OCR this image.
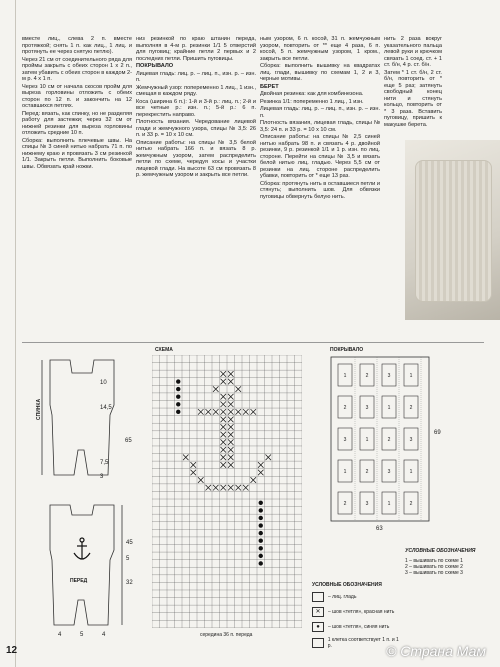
вместе лиц., слева 2 п. вместе протяжкой; снять 1 п. как лиц., 1 лиц. и протянуть ее через снятую петлю).

Через 21 см от соединительного ряда для проймы закрыть с обеих сторон 1 х 2 п., затем убавить с обеих сторон в каждом 2-м р. 4 х 1 п.

Через 10 см от начала скосов пройм для выреза горловины отложить с обеих сторон по 12 п. и закончить на 12 оставшихся петлях.

Перед: вязать, как спинку, но не разделяя работу для застежки; через 32 см от нижней резинки для выреза горловины отложить средние 10 п.

Сборка: выполнить плечевые швы. На спицы № 3 синей нитью набрать 71 п. по нижнему краю и провязать 3 см резинкой 1/1. Закрыть петли. Выполнить боковые швы. Обвязать край ножки.

низ резинкой по краю штанин переда, выполняя в 4-м р. резинки 1/1 5 отверстий для пуговиц; крайние петли 2 первых и 2 последних петли. Пришить пуговицы.

ПОКРЫВАЛО

Лицевая гладь: лиц. р. – лиц. п., изн. р. – изн. п.

Жемчужный узор: попеременно 1 лиц., 1 изн., смещая в каждом ряду.

Коса (ширина 6 п.): 1-й и 3-й р.: лиц. п.; 2-й и все четные р.: изн. п.; 5-й р.: 6 п. перекрестить направо.

Плотность вязания. Чередование лицевой глади и жемчужного узора, спицы № 3,5: 26 п. и 33 р. = 10 х 10 см.

Описание работы: на спицы № 3,5 белой нитью набрать 166 п. и вязать 8 р. жемчужным узором, затем распределить петли по схеме, чередуя косы и участки лицевой глади. На высоте 63 см провязать 8 р. жемчужным узором и закрыть все петли.

ным узором, 6 п. косой, 31 п. жемчужным узором, повторить от ** еще 4 раза, 6 п. косой, 5 п. жемчужным узором, 1 кром., закрыть все петли.

Сборка: выполнить вышивку на квадратах лиц. глади, вышивку по схемам 1, 2 и 3, черные мотивы.

БЕРЕТ

Двойная резинка: как для комбинезона.

Резинка 1/1: попеременно 1 лиц., 1 изн.

Лицевая гладь: лиц. р. – лиц. п., изн. р. – изн. п.

Плотность вязания, лицевая гладь, спицы № 3,5: 24 п. и 33 р. = 10 х 10 см.

Описание работы: на спицы № 2,5 синей нитью набрать 98 п. и связать 4 р. двойной резинки, 9 р. резинкой 1/1 и 1 р. изн. по лиц. стороне. Перейти на спицы № 3,5 и вязать белой нитью лиц. гладью. Через 5,5 см от резинки на лиц. стороне распределить убавки, повторить от * еще 13 раз.

Сборка: протянуть нить в оставшиеся петли и стянуть; выполнить шов. Для обвязки пуговицы обвернуть белую нить.

нить 2 раза вокруг указательного пальца левой руки и крючком связать 1 соед. ст. + 1 ст. б/н, 4 р. ст. б/н.

Затем * 1 ст. б/н, 2 ст. б/н, повторить от * еще 5 раз; затянуть свободный конец нити и стянуть кольцо, повторить от * 3 раза. Вставить пуговицу, пришить к макушке берета.

СПИНКА
ПЕРЕД
10
14,5
65
7,5
3
45
5
32
4	5	4
СХЕМА
середина 36 п. переда
ПОКРЫВАЛО
1	2	3	1
2	3	1	2
3	1	2	3
1	2	3	1
2	3	1	2
69
63
УСЛОВНЫЕ ОБОЗНАЧЕНИЯ
– лиц. гладь
✕	– шов «тетля», красная нить
●	– шов «тетля», синяя нить
1 клетка соответствует 1 п. и 1 р.
УСЛОВНЫЕ ОБОЗНАЧЕНИЯ
1 – вышивать по схеме 1
2 – вышивать по схеме 2
3 – вышивать по схеме 3
12	© Страна Мам
